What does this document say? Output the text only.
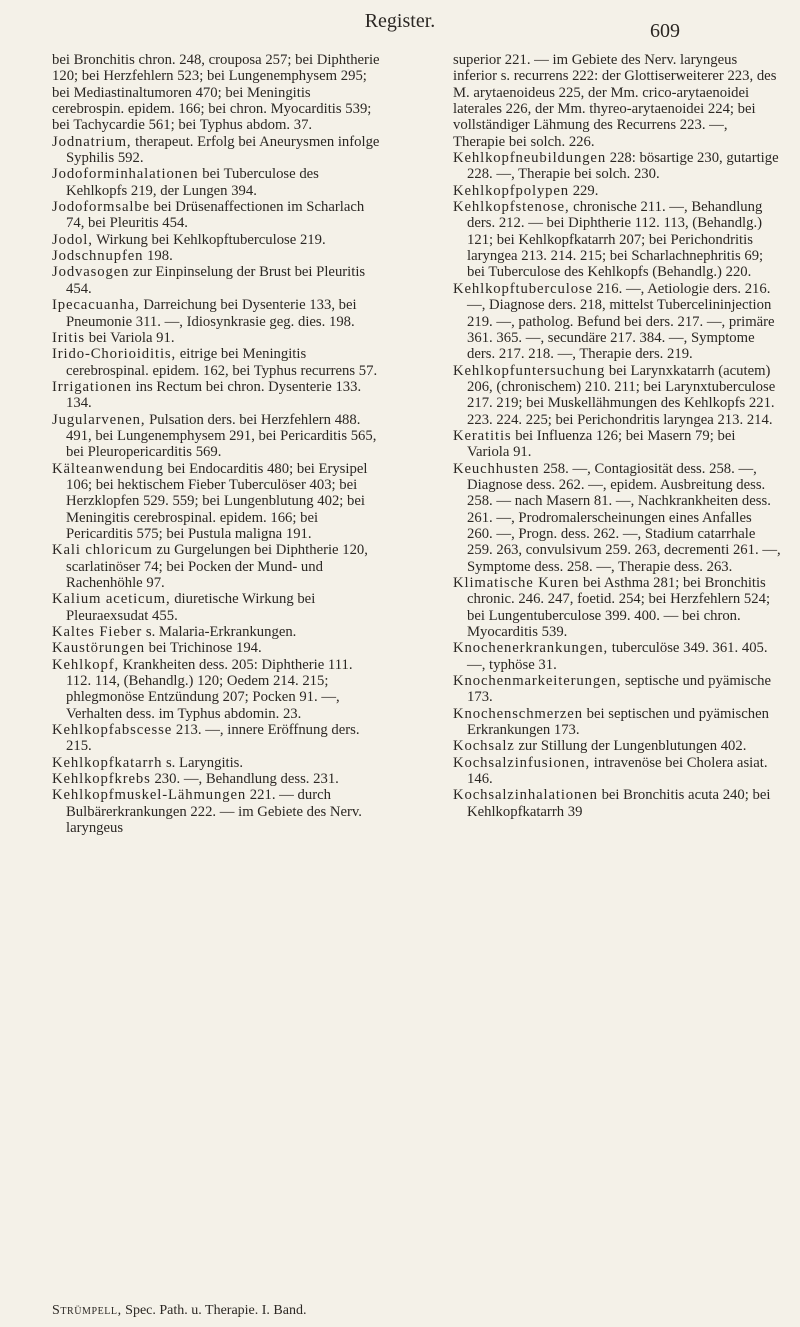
Register.	609

bei Bronchitis chron. 248, crouposa 257; bei Diphtherie 120; bei Herzfehlern 523; bei Lungenemphysem 295; bei Mediastinaltumoren 470; bei Meningitis cerebrospin. epidem. 166; bei chron. Myocarditis 539; bei Tachycardie 561; bei Typhus abdom. 37.

Jodnatrium, therapeut. Erfolg bei Aneurysmen infolge Syphilis 592.

Jodoforminhalationen bei Tuberculose des Kehlkopfs 219, der Lungen 394.

Jodoformsalbe bei Drüsenaffectionen im Scharlach 74, bei Pleuritis 454.

Jodol, Wirkung bei Kehlkopftuberculose 219.

Jodschnupfen 198.

Jodvasogen zur Einpinselung der Brust bei Pleuritis 454.

Ipecacuanha, Darreichung bei Dysenterie 133, bei Pneumonie 311. —, Idiosynkrasie geg. dies. 198.

Iritis bei Variola 91.

Irido-Chorioiditis, eitrige bei Meningitis cerebrospinal. epidem. 162, bei Typhus recurrens 57.

Irrigationen ins Rectum bei chron. Dysenterie 133. 134.

Jugularvenen, Pulsation ders. bei Herzfehlern 488. 491, bei Lungenemphysem 291, bei Pericarditis 565, bei Pleuropericarditis 569.

Kälteanwendung bei Endocarditis 480; bei Erysipel 106; bei hektischem Fieber Tuberculöser 403; bei Herzklopfen 529. 559; bei Lungenblutung 402; bei Meningitis cerebrospinal. epidem. 166; bei Pericarditis 575; bei Pustula maligna 191.

Kali chloricum zu Gurgelungen bei Diphtherie 120, scarlatinöser 74; bei Pocken der Mund- und Rachenhöhle 97.

Kalium aceticum, diuretische Wirkung bei Pleuraexsudat 455.

Kaltes Fieber s. Malaria-Erkrankungen.

Kaustörungen bei Trichinose 194.

Kehlkopf, Krankheiten dess. 205: Diphtherie 111. 112. 114, (Behandlg.) 120; Oedem 214. 215; phlegmonöse Entzündung 207; Pocken 91. —, Verhalten dess. im Typhus abdomin. 23.

Kehlkopfabscesse 213. —, innere Eröffnung ders. 215.

Kehlkopfkatarrh s. Laryngitis.

Kehlkopfkrebs 230. —, Behandlung dess. 231.

Kehlkopfmuskel-Lähmungen 221. — durch Bulbärerkrankungen 222. — im Gebiete des Nerv. laryngeus

superior 221. — im Gebiete des Nerv. laryngeus inferior s. recurrens 222: der Glottiserweiterer 223, des M. arytaenoideus 225, der Mm. crico-arytaenoidei laterales 226, der Mm. thyreo-arytaenoidei 224; bei vollständiger Lähmung des Recurrens 223. —, Therapie bei solch. 226.

Kehlkopfneubildungen 228: bösartige 230, gutartige 228. —, Therapie bei solch. 230.

Kehlkopfpolypen 229.

Kehlkopfstenose, chronische 211. —, Behandlung ders. 212. — bei Diphtherie 112. 113, (Behandlg.) 121; bei Kehlkopfkatarrh 207; bei Perichondritis laryngea 213. 214. 215; bei Scharlachnephritis 69; bei Tuberculose des Kehlkopfs (Behandlg.) 220.

Kehlkopftuberculose 216. —, Aetiologie ders. 216. —, Diagnose ders. 218, mittelst Tubercelininjection 219. —, patholog. Befund bei ders. 217. —, primäre 361. 365. —, secundäre 217. 384. —, Symptome ders. 217. 218. —, Therapie ders. 219.

Kehlkopfuntersuchung bei Larynxkatarrh (acutem) 206, (chronischem) 210. 211; bei Larynxtuberculose 217. 219; bei Muskellähmungen des Kehlkopfs 221. 223. 224. 225; bei Perichondritis laryngea 213. 214.

Keratitis bei Influenza 126; bei Masern 79; bei Variola 91.

Keuchhusten 258. —, Contagiosität dess. 258. —, Diagnose dess. 262. —, epidem. Ausbreitung dess. 258. — nach Masern 81. —, Nachkrankheiten dess. 261. —, Prodromalerscheinungen eines Anfalles 260. —, Progn. dess. 262. —, Stadium catarrhale 259. 263, convulsivum 259. 263, decrementi 261. —, Symptome dess. 258. —, Therapie dess. 263.

Klimatische Kuren bei Asthma 281; bei Bronchitis chronic. 246. 247, foetid. 254; bei Herzfehlern 524; bei Lungentuberculose 399. 400. — bei chron. Myocarditis 539.

Knochenerkrankungen, tuberculöse 349. 361. 405. —, typhöse 31.

Knochenmarkeiterungen, septische und pyämische 173.

Knochenschmerzen bei septischen und pyämischen Erkrankungen 173.

Kochsalz zur Stillung der Lungenblutungen 402.

Kochsalzinfusionen, intravenöse bei Cholera asiat. 146.

Kochsalzinhalationen bei Bronchitis acuta 240; bei Kehlkopfkatarrh 39

Strümpell, Spec. Path. u. Therapie. I. Band.
